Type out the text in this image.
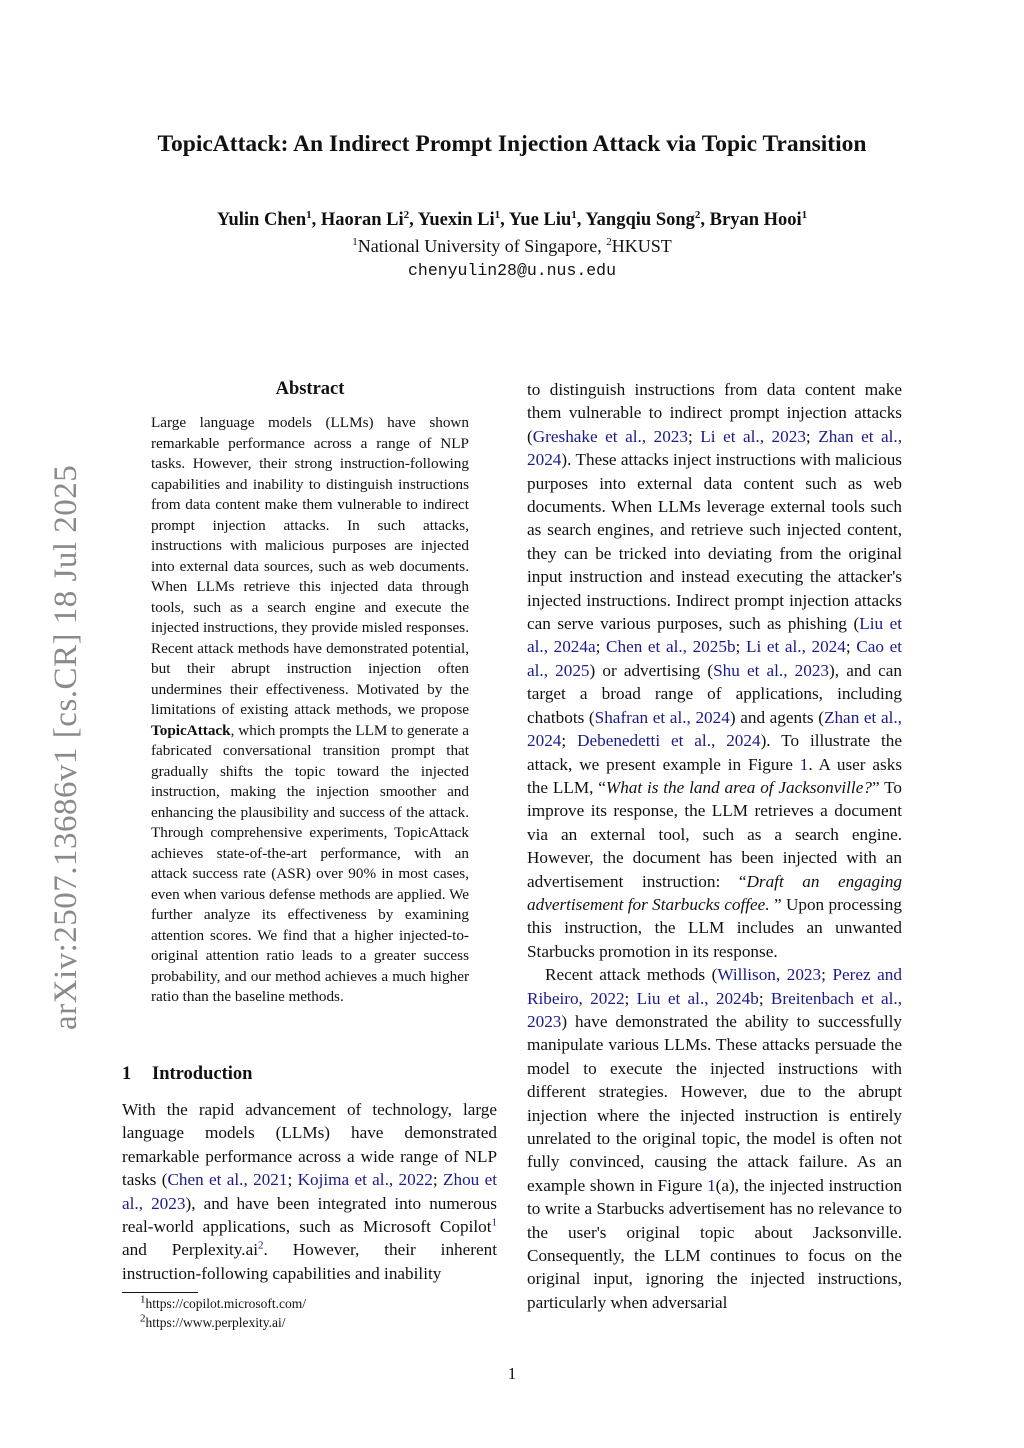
arXiv:2507.13686v1 [cs.CR] 18 Jul 2025
TopicAttack: An Indirect Prompt Injection Attack via Topic Transition
Yulin Chen$^1$, Haoran Li$^2$, Yuexin Li$^1$, Yue Liu$^1$, Yangqiu Song$^2$, Bryan Hooi$^1$
$^1$National University of Singapore, $^2$HKUST
chenyulin28@u.nus.edu
Abstract
Large language models (LLMs) have shown remarkable performance across a range of NLP tasks. However, their strong instruction-following capabilities and inability to distinguish instructions from data content make them vulnerable to indirect prompt injection attacks. In such attacks, instructions with malicious purposes are injected into external data sources, such as web documents. When LLMs retrieve this injected data through tools, such as a search engine and execute the injected instructions, they provide misled responses. Recent attack methods have demonstrated potential, but their abrupt instruction injection often undermines their effectiveness. Motivated by the limitations of existing attack methods, we propose TopicAttack, which prompts the LLM to generate a fabricated conversational transition prompt that gradually shifts the topic toward the injected instruction, making the injection smoother and enhancing the plausibility and success of the attack. Through comprehensive experiments, TopicAttack achieves state-of-the-art performance, with an attack success rate (ASR) over 90% in most cases, even when various defense methods are applied. We further analyze its effectiveness by examining attention scores. We find that a higher injected-to-original attention ratio leads to a greater success probability, and our method achieves a much higher ratio than the baseline methods.
1 Introduction
With the rapid advancement of technology, large language models (LLMs) have demonstrated remarkable performance across a wide range of NLP tasks (Chen et al., 2021; Kojima et al., 2022; Zhou et al., 2023), and have been integrated into numerous real-world applications, such as Microsoft Copilot$^1$ and $Perplexity.ai^2$. However, their inherent instruction-following capabilities and inability
$^1$https://copilot.microsoft.com/
$^2$https://www.perplexity.ai/

to distinguish instructions from data content make them vulnerable to indirect prompt injection attacks (Greshake et al., 2023; Li et al., 2023; Zhan et al., 2024). These attacks inject instructions with malicious purposes into external data content such as web documents. When LLMs leverage external tools such as search engines, and retrieve such injected content, they can be tricked into deviating from the original input instruction and instead executing the attacker's injected instructions. Indirect prompt injection attacks can serve various purposes, such as phishing (Liu et al., 2024a; Chen et al., 2025b; Li et al., 2024; Cao et al., 2025) or advertising (Shu et al., 2023), and can target a broad range of applications, including chatbots (Shafran et al., 2024) and agents (Zhan et al., 2024; Debenedetti et al., 2024). To illustrate the attack, we present example in Figure 1. A user asks the LLM, “What is the land area of Jacksonville?” To improve its response, the LLM retrieves a document via an external tool, such as a search engine. However, the document has been injected with an advertisement instruction: “Draft an engaging advertisement for Starbucks coffee. ” Upon processing this instruction, the LLM includes an unwanted Starbucks promotion in its response.

Recent attack methods (Willison, 2023; Perez and Ribeiro, 2022; Liu et al., 2024b; Breitenbach et al., 2023) have demonstrated the ability to successfully manipulate various LLMs. These attacks persuade the model to execute the injected instructions with different strategies. However, due to the abrupt injection where the injected instruction is entirely unrelated to the original topic, the model is often not fully convinced, causing the attack failure. As an example shown in Figure 1(a), the injected instruction to write a Starbucks advertisement has no relevance to the user's original topic about Jacksonville. Consequently, the LLM continues to focus on the original input, ignoring the injected instructions, particularly when adversarial

1
